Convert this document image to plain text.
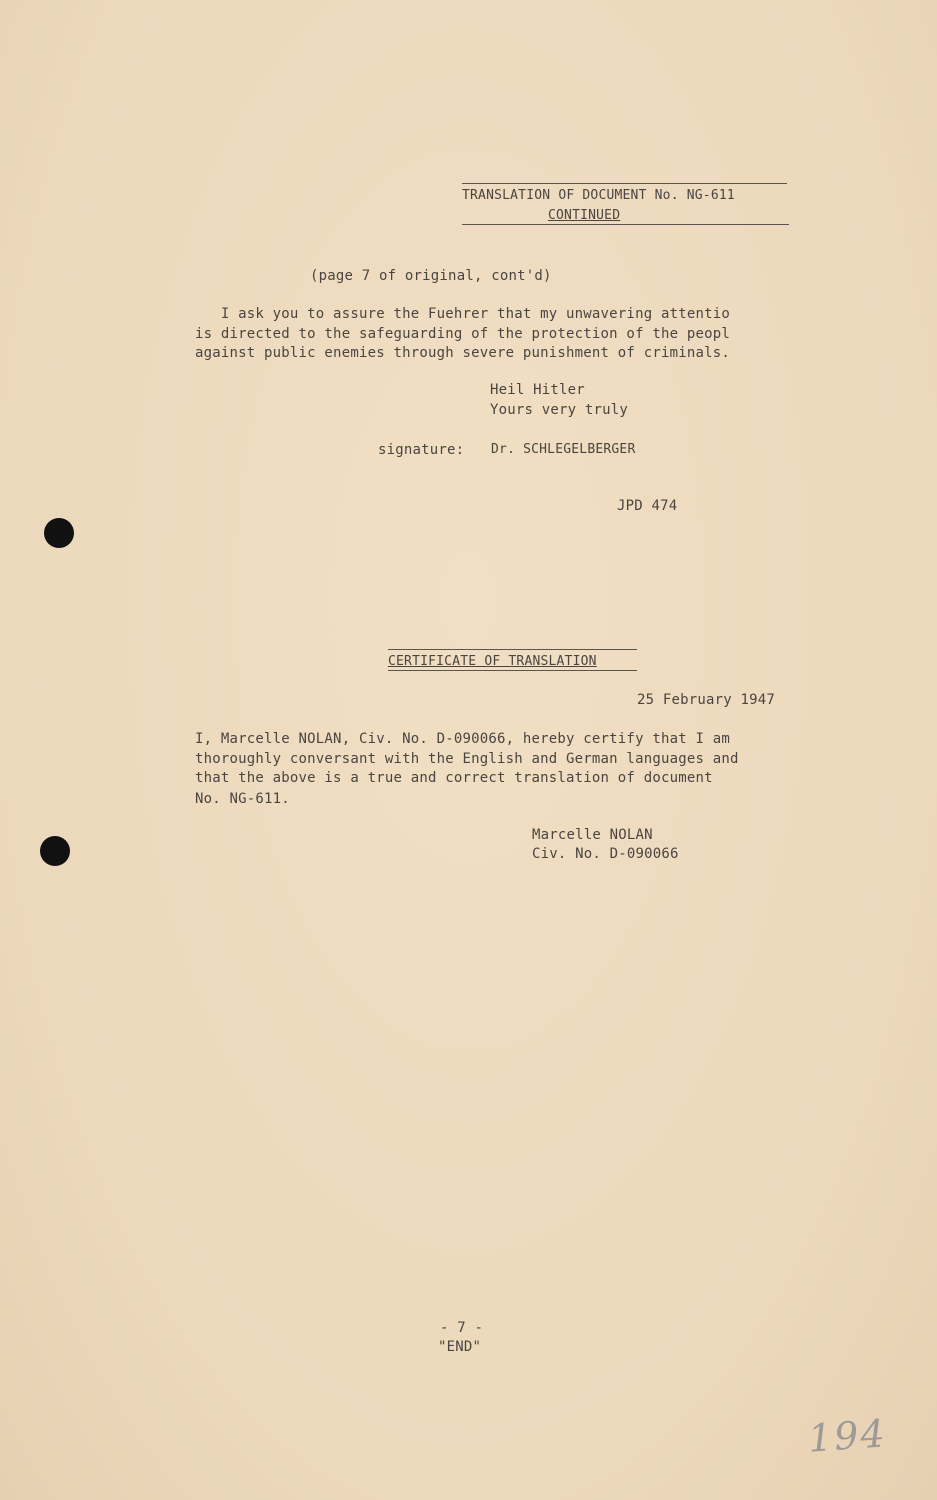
TRANSLATION OF DOCUMENT No. NG-611
CONTINUED
(page 7 of original, cont'd)
I ask you to assure the Fuehrer that my unwavering attentio
is directed to the safeguarding of the protection of the peopl
against public enemies through severe punishment of criminals.
Heil Hitler
Yours very truly
signature: Dr. SCHLEGELBERGER
JPD 474
CERTIFICATE OF TRANSLATION
25 February 1947
I, Marcelle NOLAN, Civ. No. D-090066, hereby certify that I am
thoroughly conversant with the English and German languages and
that the above is a true and correct translation of document
No. NG-611.
Marcelle NOLAN
Civ. No. D-090066
- 7 -
"END"
194
